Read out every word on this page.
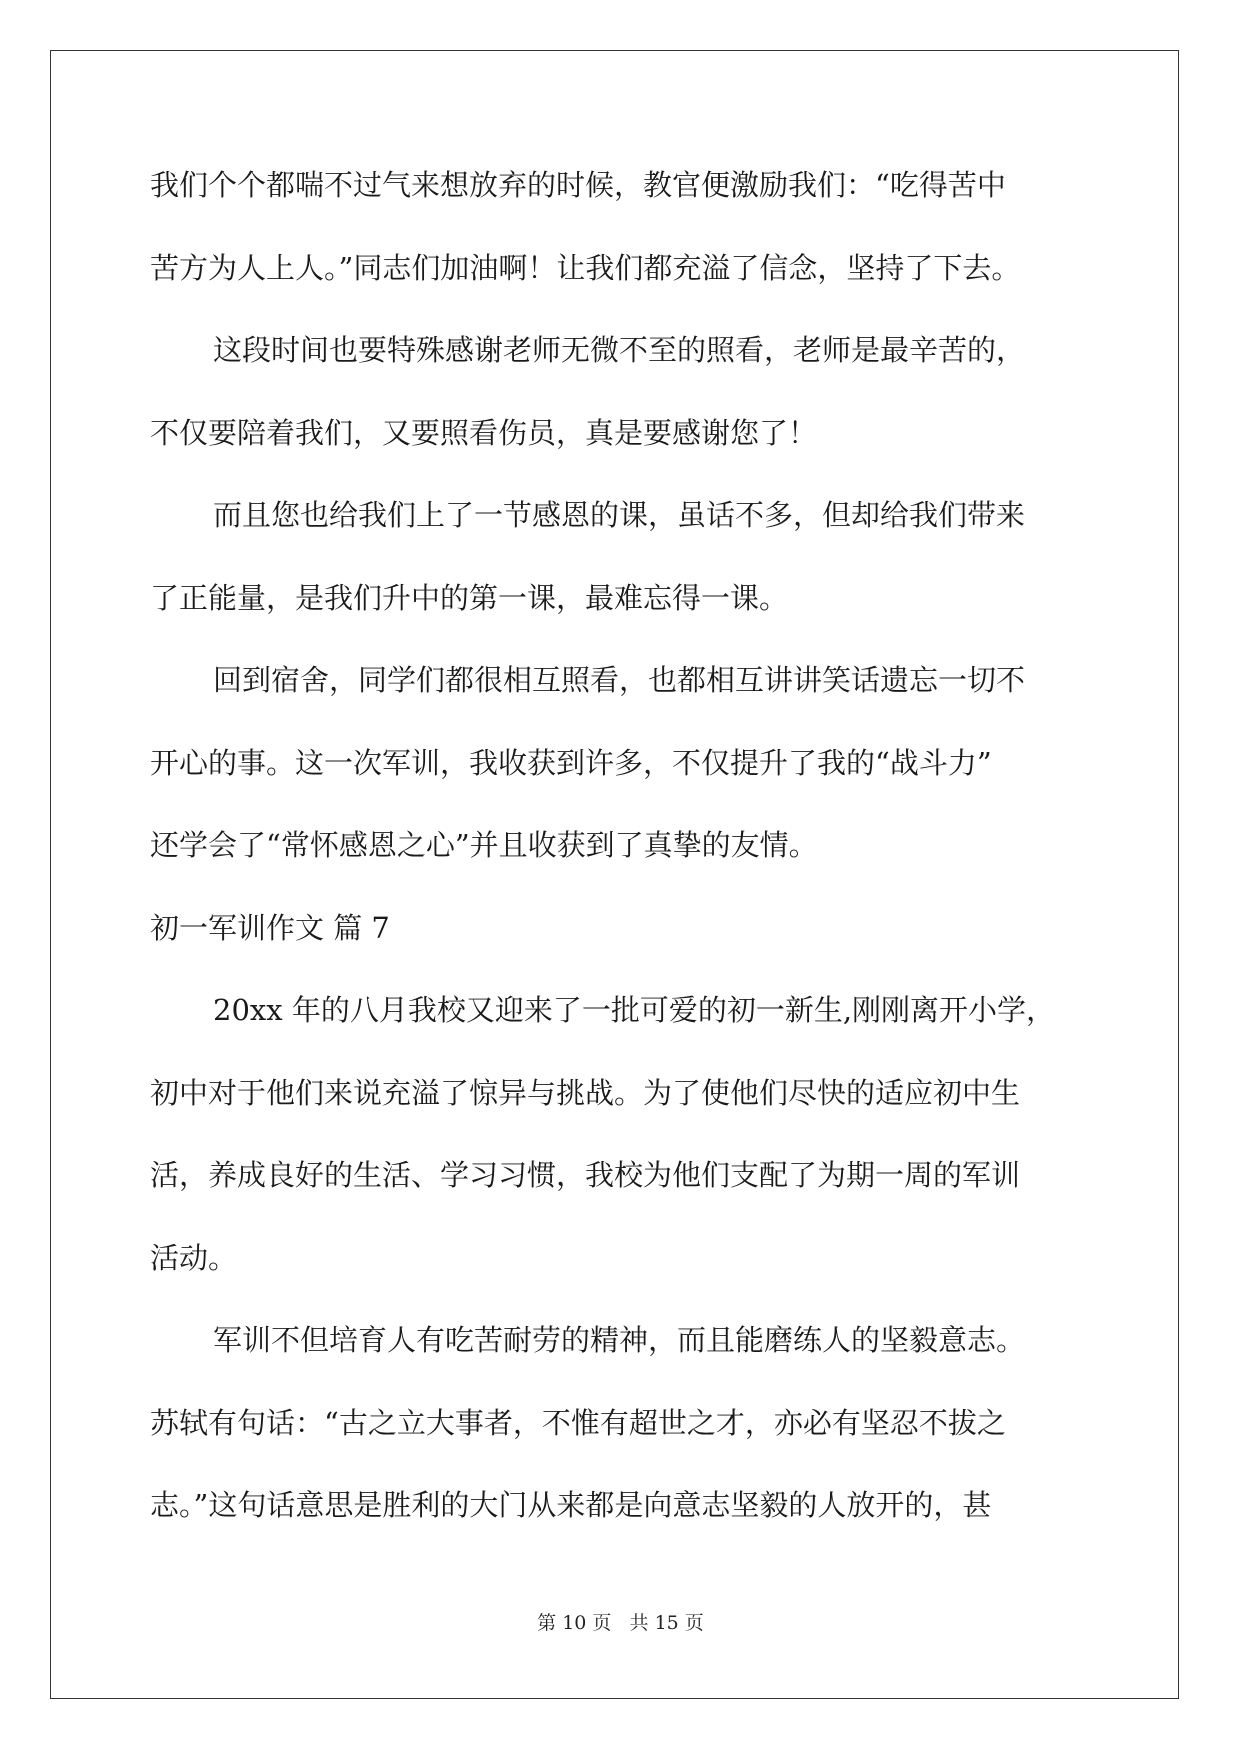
我们个个都喘不过气来想放弃的时候，教官便激励我们：“吃得苦中
苦方为人上人。”同志们加油啊！让我们都充溢了信念，坚持了下去。
这段时间也要特殊感谢老师无微不至的照看，老师是最辛苦的，
不仅要陪着我们，又要照看伤员，真是要感谢您了！
而且您也给我们上了一节感恩的课，虽话不多，但却给我们带来
了正能量，是我们升中的第一课，最难忘得一课。
回到宿舍，同学们都很相互照看，也都相互讲讲笑话遗忘一切不
开心的事。这一次军训，我收获到许多，不仅提升了我的“战斗力”
还学会了“常怀感恩之心”并且收获到了真挚的友情。
初一军训作文 篇 7
20xx 年的八月我校又迎来了一批可爱的初一新生,刚刚离开小学，
初中对于他们来说充溢了惊异与挑战。为了使他们尽快的适应初中生
活，养成良好的生活、学习习惯，我校为他们支配了为期一周的军训
活动。
军训不但培育人有吃苦耐劳的精神，而且能磨练人的坚毅意志。
苏轼有句话：“古之立大事者，不惟有超世之才，亦必有坚忍不拔之
志。”这句话意思是胜利的大门从来都是向意志坚毅的人放开的，甚
第 10 页   共 15 页
